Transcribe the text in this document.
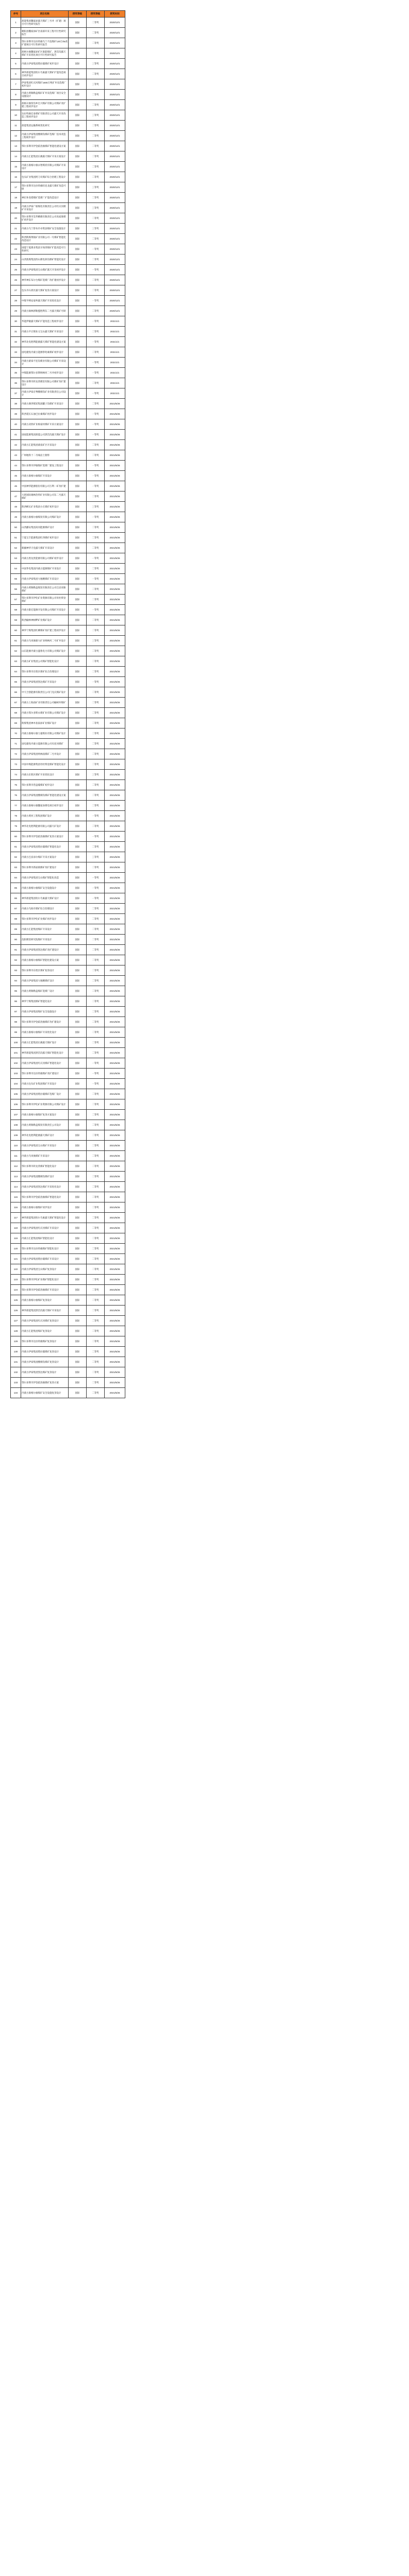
序号	项目名称	授奖等级	授奖等级	授奖时间
1	准能集团魏家峁露天煤矿三号井（扩建）项目可行性研究报告	国际	二等奖	2020/12/1
2	朝阳县魏家峁矿区南部开采工程可行性研究报告	国际	二等奖	2020/12/1
3	鄂尔多斯市达拉特旗乌兰不浪煤矿120万t/a改扩建项目可行性研究报告	国际	二等奖	2020/12/1
4	准格尔旗魏家峁矿区准能煤矿、黑岱沟露天煤矿开采优化项目可行性研究报告	国际	二等奖	2020/12/1
5	内蒙古伊泰集团塔拉壕煤矿初步设计	国际	三等奖	2020/12/1
6	神华准能集团哈尔乌素露天煤矿扩能改造项目初步设计	国际	二等奖	2020/12/1
7	伊泰集团红庆河煤矿1500万吨矿井及选煤厂初步设计	国际	三等奖	2020/12/1
8	内蒙古黄陶勒盖煤矿矿井及选煤厂项目安全设施设计	国际	二等奖	2020/12/1
9	准格尔旗窑沟乡宏兴煤矿有限公司煤矿改扩建工程初步设计	国际	二等奖	2020/12/1
10	达拉特旗宏泰煤矿有限责任公司露天开采改造工程初步设计	国际	三等奖	2020/12/1
11	准能集团运输系统优化研究	国际	二等奖	2020/12/1
12	内蒙古伊泰集团酸刺沟煤矿选煤厂技术改造工程初步设计	国际	二等奖	2020/12/1
13	鄂尔多斯市伊金霍洛旗煤矿智能化建设方案	国际	二等奖	2020/12/1
14	内蒙古汇能集团长滩露天煤矿开采方案设计	国际	二等奖	2020/12/1
15	内蒙古准格尔旗永智煤炭有限公司煤矿开采设计	国际	二等奖	2020/12/1
16	包头矿业集团阿刀亥煤矿综合治理工程设计	国际	二等奖	2020/12/1
17	鄂尔多斯市达拉特旗旺连北露天煤矿改造可研	国际	三等奖	2020/12/1
18	神东补连塔煤矿选煤厂扩能改造设计	国际	二等奖	2020/12/1
19	内蒙古伊泰广联煤化有限责任公司红庆河煤矿开采设计	国际	三等奖	2020/12/1
20	鄂尔多斯市昊华精煤有限责任公司高家梁煤矿初步设计	国际	二等奖	2020/12/1
21	内蒙古乌兰察布市卓资县煤矿安全设施设计	国际	三等奖	2020/12/1
22	陕西陕煤黄陵矿业有限公司一号煤矿智能化改造设计	国际	二等奖	2020/12/1
23	国能宁夏煤业集团羊场湾煤矿扩能改造可行性研究	国际	一等奖	2020/12/1
24	山西焦煤集团西山煤电斜沟煤矿智能化设计	国际	二等奖	2020/12/1
25	内蒙古伊泰集团宝山煤矿露天开采初步设计	国际	一等奖	2020/12/1
26	神华神东布尔台煤矿选煤厂改扩建初步设计	国际	二等奖	2020/12/1
27	包头市石拐区露天煤矿复垦方案设计	国际	二等奖	2020/12/1
28	中煤平朔安家岭露天煤矿开采优化设计	国际	一等奖	2020/12/1
29	内蒙古锡林郭勒盟胜利东二号露天煤矿可研	国际	二等奖	2020/12/1
30	华能伊敏露天煤矿扩能改造工程初步设计	国际	一等奖	2021/1/1
31	内蒙古平庄煤业元宝山露天煤矿开采设计	国际	二等奖	2021/1/1
32	神华北电胜利能源露天煤矿智能化建设方案	国际	一等奖	2021/1/1
33	国电建投内蒙古能源察哈素煤矿初步设计	国际	二等奖	2021/1/1
34	内蒙古蒙泰不连沟煤业有限公司煤矿开采设计	国际	一等奖	2021/1/1
35	中煤能源鄂尔多斯纳林河二号井初步设计	国际	一等奖	2021/1/1
36	鄂尔多斯市转龙湾煤炭有限公司煤矿改扩建设计	国际	二等奖	2021/1/1
37	内蒙古伊泰京粤酸刺沟矿业有限责任公司设计	国际	一等奖	2021/1/1
38	内蒙古满世煤炭集团罐子沟煤矿开采设计	国际	二等奖	2021/5/26
39	陕西延长石油巴拉素煤矿初步设计	国际	一等奖	2021/5/26
40	内蒙古双欣矿业杨家村煤矿开采方案设计	国际	一等奖	2021/5/26
41	国家能源集团准能公司黑岱沟露天煤矿设计	国际	一等奖	2021/5/26
42	内蒙古汇能集团蒙南矿区开采设计	国际	二等奖	2021/5/26
43	广州地铁十二号线岩土勘察	国际	二等奖	2021/5/26
44	鄂尔多斯市伊旗煤矿选煤厂建设工程设计	国际	一等奖	2021/5/26
45	内蒙古准格尔旗煤矿开采设计	国际	一等奖	2021/5/26
46	中国神华能源股份有限公司万利一矿改扩建	国际	一等奖	2021/5/26
47	大唐国际锡林浩特矿业有限公司东二号露天煤矿	国际	二等奖	2021/5/26
48	陕西彬长矿业集团小庄煤矿初步设计	国际	三等奖	2021/5/26
49	内蒙古准格尔旗煤炭有限公司煤矿设计	国际	一等奖	2021/5/26
50	山西潞安集团高河能源煤矿设计	国际	二等奖	2021/5/26
51	宁夏宝丰能源集团红四煤矿初步设计	国际	二等奖	2021/5/26
52	新疆神华天电露天煤矿开采设计	国际	二等奖	2021/5/26
53	内蒙古黑龙贵能源有限公司煤矿初步设计	国际	一等奖	2021/5/26
54	中国华电集团内蒙古能源煤矿开采设计	国际	二等奖	2021/5/26
55	内蒙古伊泰集团大地精煤矿开采设计	国际	一等奖	2021/5/26
56	内蒙古黄陶勒盖煤炭有限责任公司巴彦高勒煤矿	国际	二等奖	2021/5/26
57	鄂尔多斯市伊化矿业资源有限公司母杜柴登煤矿	国际	二等奖	2021/5/26
58	内蒙古银宏能源开发有限公司煤矿开采设计	国际	一等奖	2021/5/26
59	陕西榆林神树畔矿业煤矿设计	国际	二等奖	2021/5/26
60	神华宁煤集团红柳煤矿改扩建工程初步设计	国际	二等奖	2021/5/26
61	内蒙古乌审旗蒙大矿业纳林河二号矿井设计	国际	三等奖	2021/5/26
62	山东能源内蒙古盛鲁电力有限公司煤矿设计	国际	二等奖	2021/5/26
63	内蒙古矿业集团公司煤矿智能化设计	国际	二等奖	2021/5/26
64	鄂尔多斯市东胜区煤矿综合治理设计	国际	二等奖	2021/5/26
65	内蒙古伊泰集团凯达煤矿开采设计	国际	一等奖	2021/5/26
66	中天合创能源有限责任公司门克庆煤矿设计	国际	二等奖	2021/5/26
67	内蒙古上海庙矿业有限责任公司榆树井煤矿	国际	二等奖	2021/5/26
68	内蒙古鄂尔多斯永煤矿业有限公司煤矿设计	国际	二等奖	2021/5/26
69	陕煤集团神木张家峁矿业煤矿设计	国际	二等奖	2021/5/26
70	内蒙古准格尔旗力量煤业有限公司煤矿设计	国际	二等奖	2021/5/26
71	国电建投内蒙古能源有限公司布连河煤矿	国际	二等奖	2021/5/26
72	内蒙古伊泰集团纳林庙煤矿二号井设计	国际	二等奖	2021/5/26
73	中国中煤能源集团母杜柴登煤矿智能化设计	国际	二等奖	2021/5/26
74	内蒙古东胜区煤矿开采优化设计	国际	三等奖	2021/5/26
75	鄂尔多斯市营盘壕煤矿初步设计	国际	二等奖	2021/5/26
76	内蒙古伊泰集团酸刺沟煤矿智能化建设方案	国际	二等奖	2021/5/26
77	内蒙古准格尔旗魏家峁煤电项目初步设计	国际	二等奖	2021/5/26
78	内蒙古黄河工程集团煤矿设计	国际	一等奖	2021/5/26
79	神华北电胜利能源有限公司露天矿设计	国际	二等奖	2021/5/26
80	鄂尔多斯市伊金霍洛旗煤矿复垦方案设计	国际	一等奖	2021/5/26
81	内蒙古伊泰集团塔拉壕煤矿智能化设计	国际	二等奖	2021/5/26
82	内蒙古巴彦淖尔煤矿开采方案设计	国际	三等奖	2021/5/26
83	鄂尔多斯市新庙镇煤矿改扩建设计	国际	二等奖	2021/5/26
84	内蒙古伊泰集团宝山煤矿智能化改造	国际	一等奖	2021/5/26
85	内蒙古准格尔旗煤矿安全设施设计	国际	一等奖	2021/5/26
86	神华准能集团哈尔乌素露天煤矿设计	国际	一等奖	2021/5/26
87	内蒙古乌海市煤矿综合治理设计	国际	二等奖	2021/5/26
88	鄂尔多斯市伊化矿业煤矿初步设计	国际	二等奖	2021/5/26
89	内蒙古汇能集团煤矿开采设计	国际	二等奖	2021/5/26
90	沈阳煤炭研究院煤矿开采设计	国际	二等奖	2021/5/26
91	内蒙古伊泰集团凯达煤矿改扩建设计	国际	二等奖	2021/5/26
92	内蒙古准格尔旗煤矿智能化建设方案	国际	二等奖	2021/5/26
93	鄂尔多斯市东胜区煤矿复垦设计	国际	二等奖	2021/5/26
94	内蒙古伊泰集团大地精煤矿设计	国际	二等奖	2021/5/26
95	内蒙古黄陶勒盖煤矿选煤厂设计	国际	二等奖	2021/5/26
96	神华宁煤集团煤矿智能化设计	国际	二等奖	2021/5/26
97	内蒙古伊泰集团煤矿安全设施设计	国际	二等奖	2021/5/26
98	鄂尔多斯市伊金霍洛旗煤矿改扩建设计	国际	二等奖	2021/5/26
99	内蒙古准格尔旗煤矿开采优化设计	国际	二等奖	2021/5/26
100	内蒙古汇能集团长滩露天煤矿设计	国际	二等奖	2021/5/26
101	神华准能集团黑岱沟露天煤矿智能化设计	国际	二等奖	2021/5/26
102	内蒙古伊泰集团红庆河煤矿智能化设计	国际	一等奖	2021/5/26
103	鄂尔多斯市达拉特旗煤矿改扩建设计	国际	一等奖	2021/5/26
104	内蒙古包头矿业集团煤矿开采设计	国际	一等奖	2021/5/26
105	内蒙古伊泰集团塔拉壕煤矿选煤厂设计	国际	二等奖	2021/5/26
106	鄂尔多斯市伊化矿业资源有限公司煤矿设计	国际	二等奖	2021/5/26
107	内蒙古准格尔旗煤矿复垦方案设计	国际	二等奖	2021/5/26
108	内蒙古黄陶勒盖煤炭有限责任公司设计	国际	二等奖	2021/5/26
109	神华北电胜利能源露天煤矿设计	国际	二等奖	2021/5/26
110	内蒙古伊泰集团宝山煤矿开采设计	国际	二等奖	2021/5/26
111	内蒙古乌审旗煤矿开采设计	国际	二等奖	2021/5/26
112	鄂尔多斯市转龙湾煤矿智能化设计	国际	二等奖	2021/5/26
113	内蒙古伊泰集团酸刺沟煤矿设计	国际	二等奖	2021/5/26
114	内蒙古伊泰集团凯达煤矿开采优化设计	国际	二等奖	2021/5/26
115	鄂尔多斯市伊金霍洛旗煤矿智能化设计	国际	二等奖	2021/5/26
116	内蒙古准格尔旗煤矿初步设计	国际	二等奖	2021/5/26
117	神华准能集团哈尔乌素露天煤矿智能化设计	国际	二等奖	2021/5/26
118	内蒙古伊泰集团红庆河煤矿开采设计	国际	二等奖	2021/5/26
119	内蒙古汇能集团煤矿智能化设计	国际	二等奖	2021/5/26
120	鄂尔多斯市达拉特旗煤矿智能化设计	国际	二等奖	2021/5/26
121	内蒙古伊泰集团塔拉壕煤矿开采设计	国际	二等奖	2021/5/26
122	内蒙古伊泰集团宝山煤矿复垦设计	国际	二等奖	2021/5/26
123	鄂尔多斯市伊化矿业煤矿智能化设计	国际	二等奖	2021/5/26
124	鄂尔多斯市伊金霍洛旗煤矿开采设计	国际	二等奖	2021/5/26
125	内蒙古准格尔旗煤矿复垦设计	国际	二等奖	2021/5/26
126	神华准能集团黑岱沟露天煤矿开采设计	国际	二等奖	2021/5/26
127	内蒙古伊泰集团红庆河煤矿复垦设计	国际	二等奖	2021/5/26
128	内蒙古汇能集团煤矿复垦设计	国际	二等奖	2021/5/26
129	鄂尔多斯市达拉特旗煤矿复垦设计	国际	二等奖	2021/5/26
130	内蒙古伊泰集团塔拉壕煤矿复垦设计	国际	二等奖	2021/5/26
131	内蒙古伊泰集团酸刺沟煤矿复垦设计	国际	二等奖	2021/5/26
132	内蒙古伊泰集团凯达煤矿复垦设计	国际	二等奖	2021/5/26
133	鄂尔多斯市伊金霍洛旗煤矿复垦方案	国际	二等奖	2021/5/26
134	内蒙古准格尔旗煤矿安全设施复垦设计	国际	二等奖	2021/5/26
